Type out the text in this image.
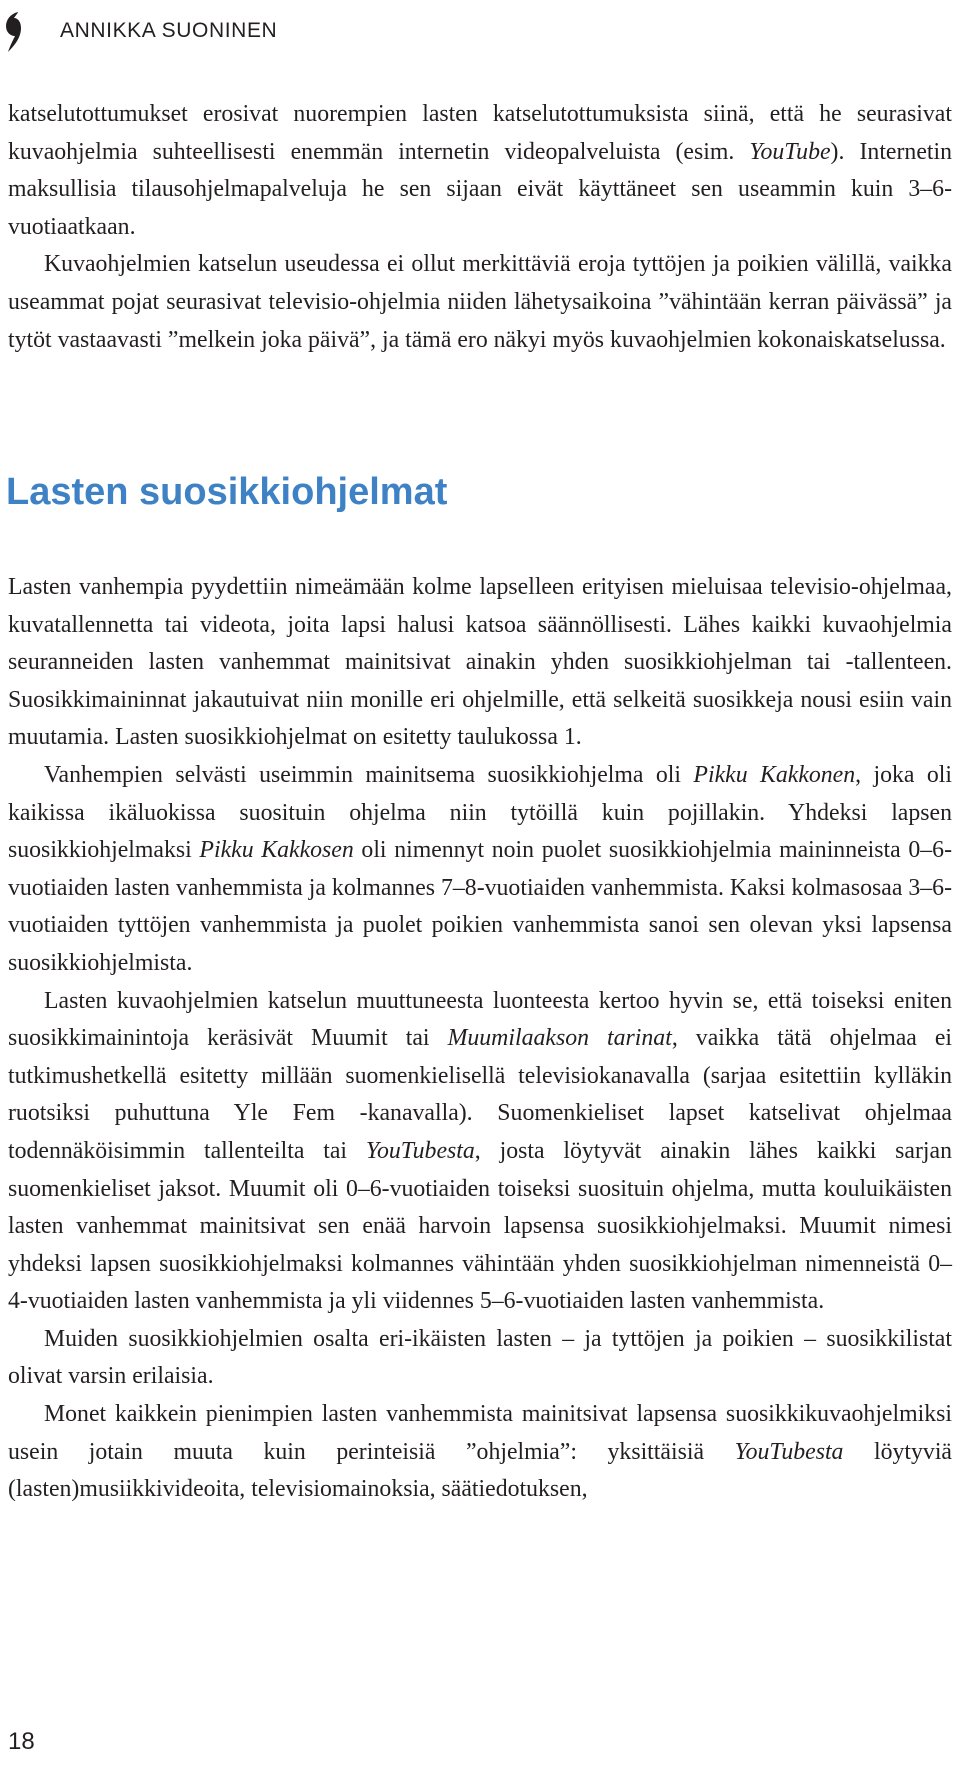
ANNIKKA SUONINEN

katselutottumukset erosivat nuorempien lasten katselutottumuksista siinä, että he seurasivat kuvaohjelmia suhteellisesti enemmän internetin videopalveluista (esim. YouTube). Internetin maksullisia tilausohjelmapalveluja he sen sijaan eivät käyttäneet sen useammin kuin 3–6-vuotiaatkaan.

Kuvaohjelmien katselun useudessa ei ollut merkittäviä eroja tyttöjen ja poikien välillä, vaikka useammat pojat seurasivat televisio-ohjelmia niiden lähetysaikoina ”vähintään kerran päivässä” ja tytöt vastaavasti ”melkein joka päivä”, ja tämä ero näkyi myös kuvaohjelmien kokonaiskatselussa.

Lasten suosikkiohjelmat

Lasten vanhempia pyydettiin nimeämään kolme lapselleen erityisen mieluisaa televisio-ohjelmaa, kuvatallennetta tai videota, joita lapsi halusi katsoa säännöllisesti. Lähes kaikki kuvaohjelmia seuranneiden lasten vanhemmat mainitsivat ainakin yhden suosikkiohjelman tai -tallenteen. Suosikkimaininnat jakautuivat niin monille eri ohjelmille, että selkeitä suosikkeja nousi esiin vain muutamia. Lasten suosikkiohjelmat on esitetty taulukossa 1.

Vanhempien selvästi useimmin mainitsema suosikkiohjelma oli Pikku Kakkonen, joka oli kaikissa ikäluokissa suosituin ohjelma niin tytöillä kuin pojillakin. Yhdeksi lapsen suosikkiohjelmaksi Pikku Kakkosen oli nimennyt noin puolet suosikkiohjelmia maininneista 0–6-vuotiaiden lasten vanhemmista ja kolmannes 7–8-vuotiaiden vanhemmista. Kaksi kolmasosaa 3–6-vuotiaiden tyttöjen vanhemmista ja puolet poikien vanhemmista sanoi sen olevan yksi lapsensa suosikkiohjelmista.

Lasten kuvaohjelmien katselun muuttuneesta luonteesta kertoo hyvin se, että toiseksi eniten suosikkimainintoja keräsivät Muumit tai Muumilaakson tarinat, vaikka tätä ohjelmaa ei tutkimushetkellä esitetty millään suomenkielisellä televisiokanavalla (sarjaa esitettiin kylläkin ruotsiksi puhuttuna Yle Fem -kanavalla). Suomenkieliset lapset katselivat ohjelmaa todennäköisimmin tallenteilta tai YouTubesta, josta löytyvät ainakin lähes kaikki sarjan suomenkieliset jaksot. Muumit oli 0–6-vuotiaiden toiseksi suosituin ohjelma, mutta kouluikäisten lasten vanhemmat mainitsivat sen enää harvoin lapsensa suosikkiohjelmaksi. Muumit nimesi yhdeksi lapsen suosikkiohjelmaksi kolmannes vähintään yhden suosikkiohjelman nimenneistä 0–4-vuotiaiden lasten vanhemmista ja yli viidennes 5–6-vuotiaiden lasten vanhemmista.

Muiden suosikkiohjelmien osalta eri-ikäisten lasten – ja tyttöjen ja poikien – suosikkilistat olivat varsin erilaisia.

Monet kaikkein pienimpien lasten vanhemmista mainitsivat lapsensa suosikkikuvaohjelmiksi usein jotain muuta kuin perinteisiä ”ohjelmia”: yksittäisiä YouTubesta löytyviä (lasten)musiikkivideoita, televisiomainoksia, säätiedotuksen,

18
